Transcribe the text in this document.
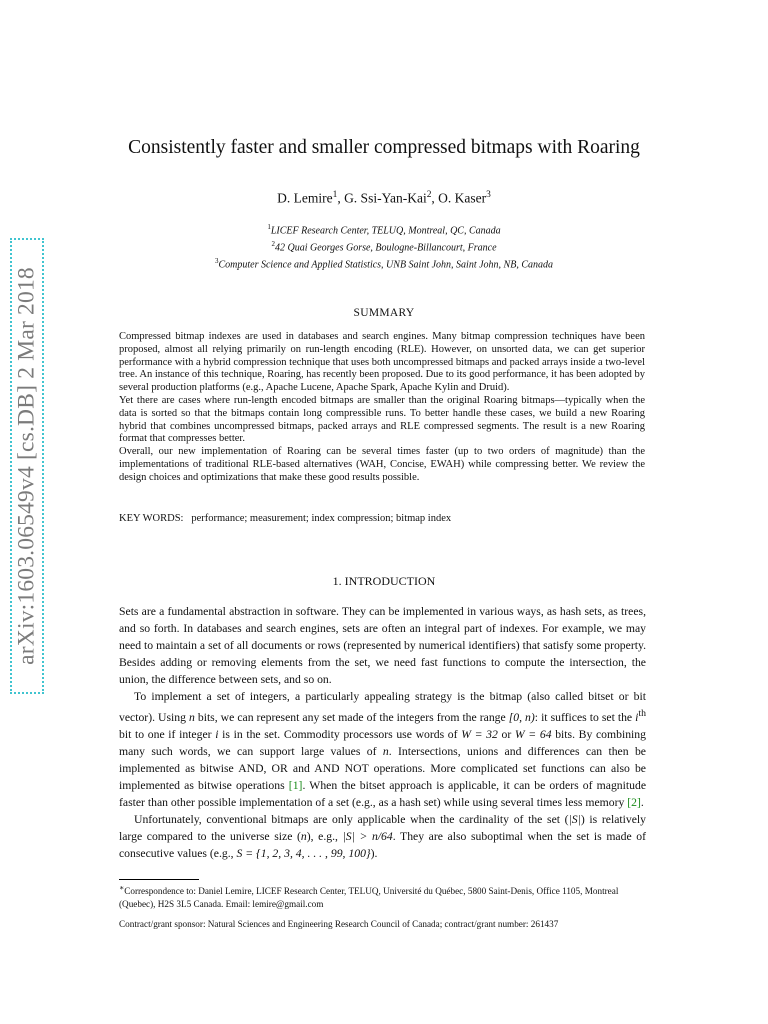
arXiv:1603.06549v4 [cs.DB] 2 Mar 2018
Consistently faster and smaller compressed bitmaps with Roaring
D. Lemire$^1$, G. Ssi-Yan-Kai$^2$, O. Kaser$^3$
$^1$LICEF Research Center, TELUQ, Montreal, QC, Canada
$^2$42 Quai Georges Gorse, Boulogne-Billancourt, France
$^3$Computer Science and Applied Statistics, UNB Saint John, Saint John, NB, Canada
SUMMARY

Compressed bitmap indexes are used in databases and search engines. Many bitmap compression techniques have been proposed, almost all relying primarily on run-length encoding (RLE). However, on unsorted data, we can get superior performance with a hybrid compression technique that uses both uncompressed bitmaps and packed arrays inside a two-level tree. An instance of this technique, Roaring, has recently been proposed. Due to its good performance, it has been adopted by several production platforms (e.g., Apache Lucene, Apache Spark, Apache Kylin and Druid).

Yet there are cases where run-length encoded bitmaps are smaller than the original Roaring bitmaps—typically when the data is sorted so that the bitmaps contain long compressible runs. To better handle these cases, we build a new Roaring hybrid that combines uncompressed bitmaps, packed arrays and RLE compressed segments. The result is a new Roaring format that compresses better.

Overall, our new implementation of Roaring can be several times faster (up to two orders of magnitude) than the implementations of traditional RLE-based alternatives (WAH, Concise, EWAH) while compressing better. We review the design choices and optimizations that make these good results possible.

KEY WORDS: performance; measurement; index compression; bitmap index
1. INTRODUCTION

Sets are a fundamental abstraction in software. They can be implemented in various ways, as hash sets, as trees, and so forth. In databases and search engines, sets are often an integral part of indexes. For example, we may need to maintain a set of all documents or rows (represented by numerical identifiers) that satisfy some property. Besides adding or removing elements from the set, we need fast functions to compute the intersection, the union, the difference between sets, and so on.

To implement a set of integers, a particularly appealing strategy is the bitmap (also called bitset or bit vector). Using n bits, we can represent any set made of the integers from the range [0, n): it suffices to set the $i^{th}$ bit to one if integer i is in the set. Commodity processors use words of W = 32 or W = 64 bits. By combining many such words, we can support large values of n. Intersections, unions and differences can then be implemented as bitwise AND, OR and AND NOT operations. More complicated set functions can also be implemented as bitwise operations [1]. When the bitset approach is applicable, it can be orders of magnitude faster than other possible implementation of a set (e.g., as a hash set) while using several times less memory [2].

Unfortunately, conventional bitmaps are only applicable when the cardinality of the set (|S|) is relatively large compared to the universe size (n), e.g., |S| > n/64. They are also suboptimal when the set is made of consecutive values (e.g., S = {1, 2, 3, 4, . . . , 99, 100}).

∗Correspondence to: Daniel Lemire, LICEF Research Center, TELUQ, Université du Québec, 5800 Saint-Denis, Office 1105, Montreal (Quebec), H2S 3L5 Canada. Email: lemire@gmail.com
Contract/grant sponsor: Natural Sciences and Engineering Research Council of Canada; contract/grant number: 261437
